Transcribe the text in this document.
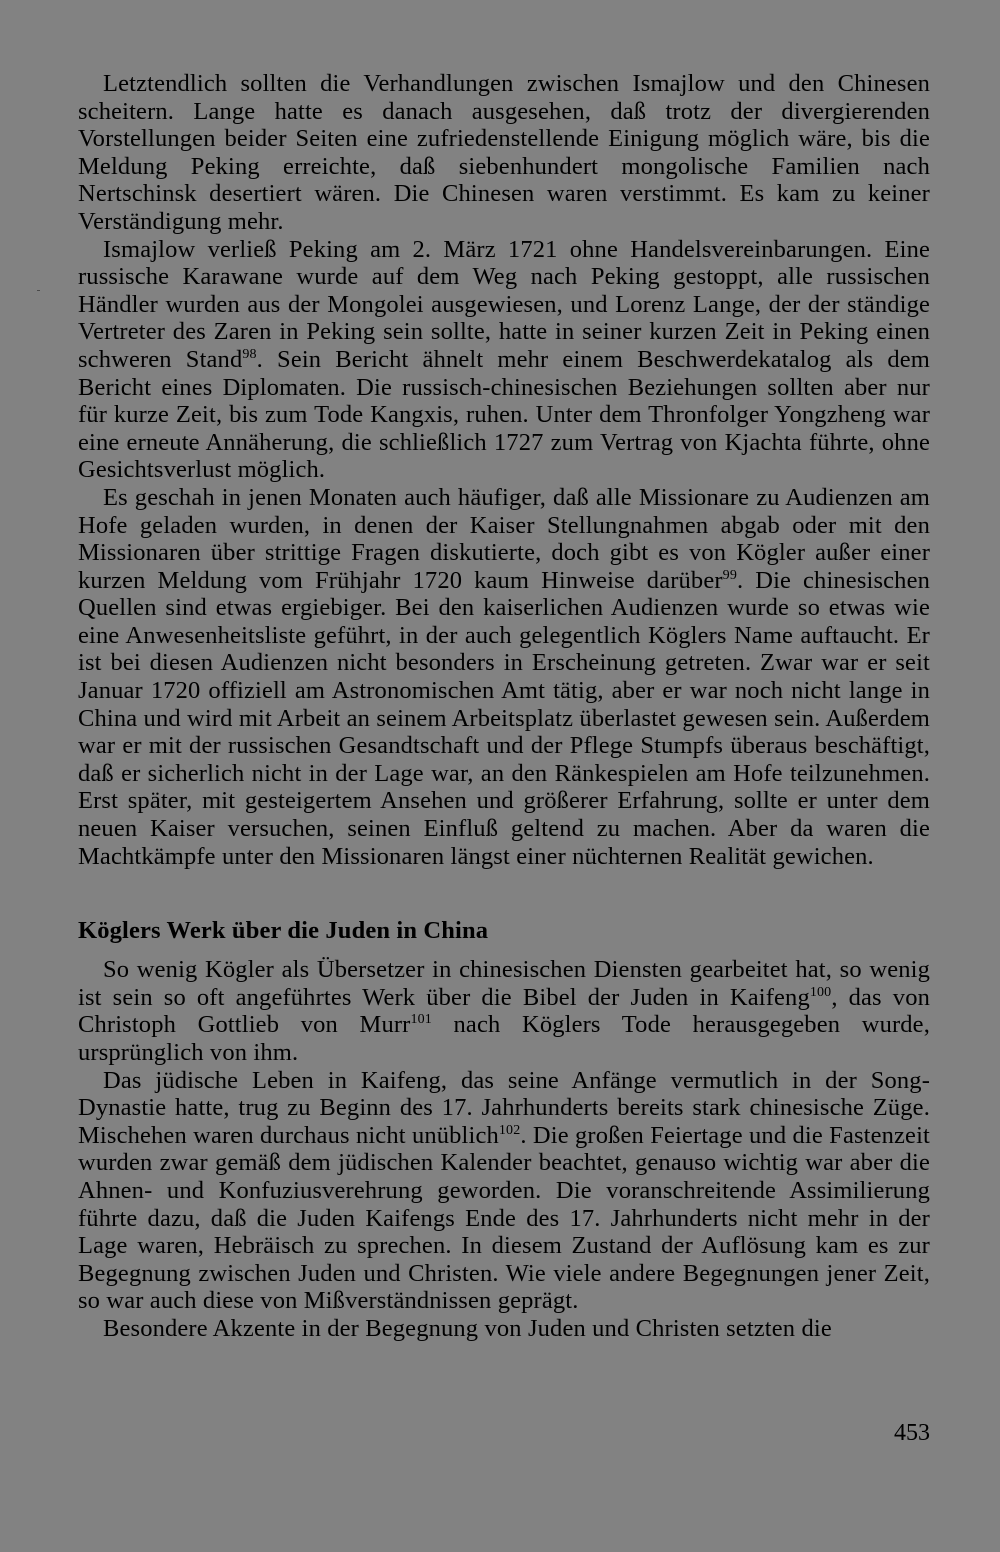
Letztendlich sollten die Verhandlungen zwischen Ismajlow und den Chinesen scheitern. Lange hatte es danach ausgesehen, daß trotz der divergierenden Vorstellungen beider Seiten eine zufriedenstellende Einigung möglich wäre, bis die Meldung Peking erreichte, daß siebenhundert mongolische Familien nach Nertschinsk desertiert wären. Die Chinesen waren verstimmt. Es kam zu keiner Verständigung mehr.

Ismajlow verließ Peking am 2. März 1721 ohne Handelsvereinbarungen. Eine russische Karawane wurde auf dem Weg nach Peking gestoppt, alle russischen Händler wurden aus der Mongolei ausgewiesen, und Lorenz Lange, der der ständige Vertreter des Zaren in Peking sein sollte, hatte in seiner kurzen Zeit in Peking einen schweren Stand$^{98}$. Sein Bericht ähnelt mehr einem Beschwerdekatalog als dem Bericht eines Diplomaten. Die russisch-chinesischen Beziehungen sollten aber nur für kurze Zeit, bis zum Tode Kangxis, ruhen. Unter dem Thronfolger Yongzheng war eine erneute Annäherung, die schließlich 1727 zum Vertrag von Kjachta führte, ohne Gesichtsverlust möglich.

Es geschah in jenen Monaten auch häufiger, daß alle Missionare zu Audienzen am Hofe geladen wurden, in denen der Kaiser Stellungnahmen abgab oder mit den Missionaren über strittige Fragen diskutierte, doch gibt es von Kögler außer einer kurzen Meldung vom Frühjahr 1720 kaum Hinweise darüber$^{99}$. Die chinesischen Quellen sind etwas ergiebiger. Bei den kaiserlichen Audienzen wurde so etwas wie eine Anwesenheitsliste geführt, in der auch gelegentlich Köglers Name auftaucht. Er ist bei diesen Audienzen nicht besonders in Erscheinung getreten. Zwar war er seit Januar 1720 offiziell am Astronomischen Amt tätig, aber er war noch nicht lange in China und wird mit Arbeit an seinem Arbeitsplatz überlastet gewesen sein. Außerdem war er mit der russischen Gesandtschaft und der Pflege Stumpfs überaus beschäftigt, daß er sicherlich nicht in der Lage war, an den Ränkespielen am Hofe teilzunehmen. Erst später, mit gesteigertem Ansehen und größerer Erfahrung, sollte er unter dem neuen Kaiser versuchen, seinen Einfluß geltend zu machen. Aber da waren die Machtkämpfe unter den Missionaren längst einer nüchternen Realität gewichen.

Köglers Werk über die Juden in China

So wenig Kögler als Übersetzer in chinesischen Diensten gearbeitet hat, so wenig ist sein so oft angeführtes Werk über die Bibel der Juden in Kaifeng$^{100}$, das von Christoph Gottlieb von Murr$^{101}$ nach Köglers Tode herausgegeben wurde, ursprünglich von ihm.

Das jüdische Leben in Kaifeng, das seine Anfänge vermutlich in der Song-Dynastie hatte, trug zu Beginn des 17. Jahrhunderts bereits stark chinesische Züge. Mischehen waren durchaus nicht unüblich$^{102}$. Die großen Feiertage und die Fastenzeit wurden zwar gemäß dem jüdischen Kalender beachtet, genauso wichtig war aber die Ahnen- und Konfuziusverehrung geworden. Die voranschreitende Assimilierung führte dazu, daß die Juden Kaifengs Ende des 17. Jahrhunderts nicht mehr in der Lage waren, Hebräisch zu sprechen. In diesem Zustand der Auflösung kam es zur Begegnung zwischen Juden und Christen. Wie viele andere Begegnungen jener Zeit, so war auch diese von Mißverständnissen geprägt.

Besondere Akzente in der Begegnung von Juden und Christen setzten die

453
